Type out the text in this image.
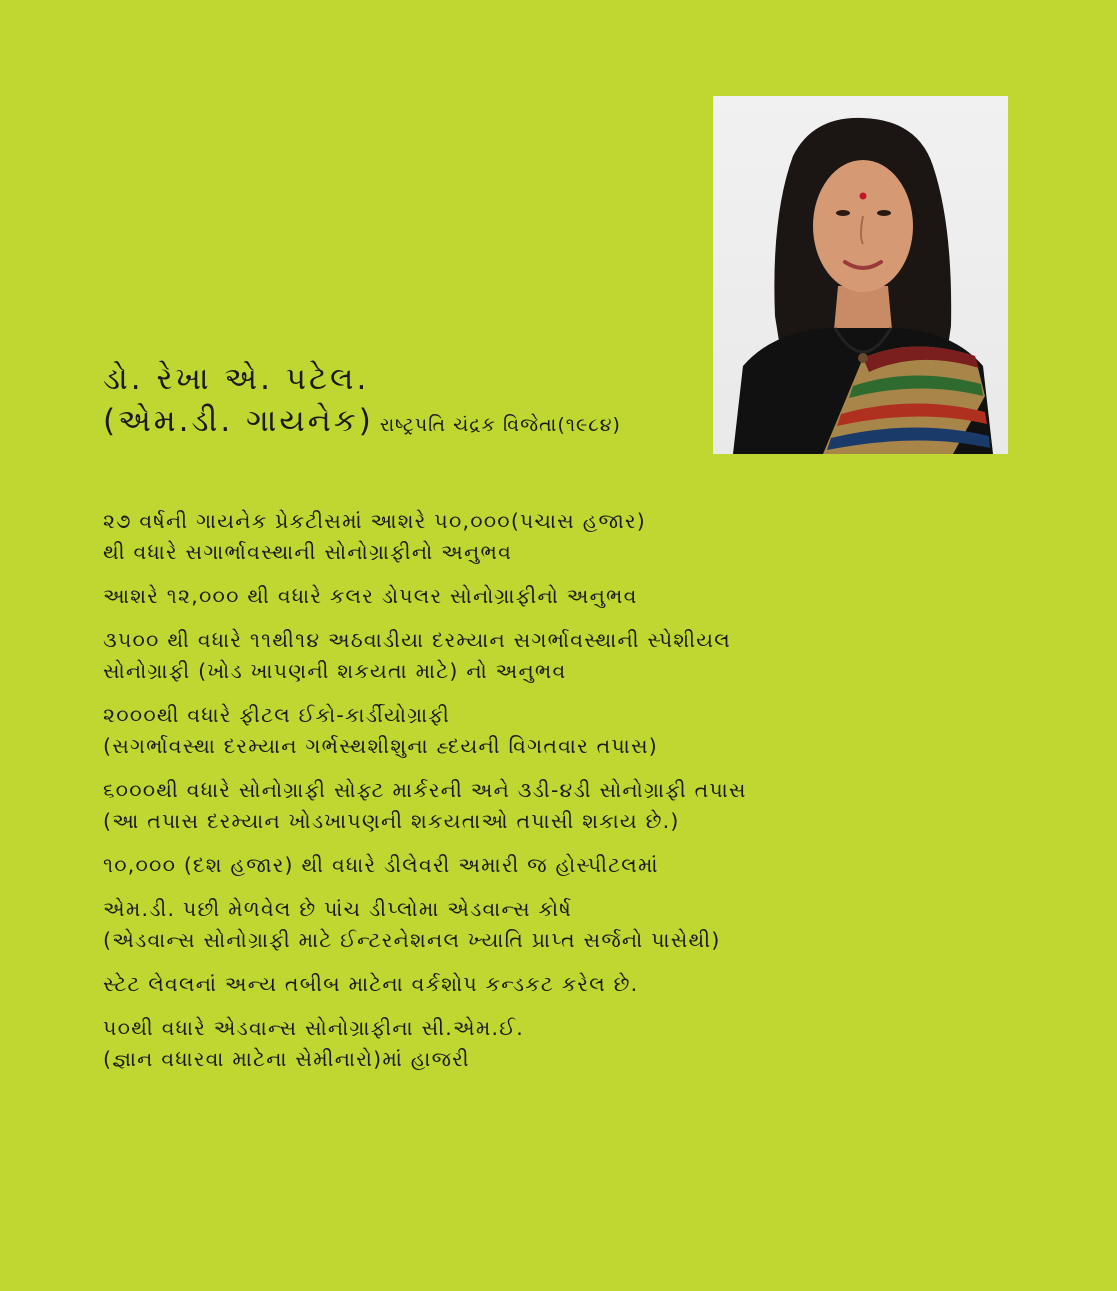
ડો. રેખા એ. પટેલ.
(એમ.ડી. ગાયનેક) રાષ્ટ્રપતિ ચંદ્રક વિજેતા(૧૯૮૪)
૨૭ વર્ષની ગાયનેક પ્રેકટીસમાં આશરે ૫૦,૦૦૦(પચાસ હજાર)
થી વધારે સગાર્ભાવસ્થાની સોનોગ્રાફીનો અનુભવ
આશરે ૧૨,૦૦૦ થી વધારે કલર ડોપલર સોનોગ્રાફીનો અનુભવ
૩૫૦૦ થી વધારે ૧૧થી૧૪ અઠવાડીયા દરમ્યાન સગર્ભાવસ્થાની સ્પેશીયલ
સોનોગ્રાફી (ખોડ ખાપણની શકયતા માટે) નો અનુભવ
૨૦૦૦થી વધારે ફીટલ ઈકો-કાર્ડીયોગ્રાફી
(સગર્ભાવસ્થા દરમ્યાન ગર્ભસ્થશીશુના હ્દયની વિગતવાર તપાસ)
૬૦૦૦થી વધારે સોનોગ્રાફી સોફ્ટ માર્કરની અને ૩ડી-૪ડી સોનોગ્રાફી તપાસ
(આ તપાસ દરમ્યાન ખોડખાપણની શકયતાઓ તપાસી શકાય છે.)
૧૦,૦૦૦ (દશ હજાર) થી વધારે ડીલેવરી અમારી જ હોસ્પીટલમાં
એમ.ડી. પછી મેળવેલ છે પાંચ ડીપ્લોમા એડવાન્સ કોર્ષ
(એડવાન્સ સોનોગ્રાફી માટે ઈન્ટરનેશનલ ખ્યાતિ પ્રાપ્ત સર્જનો પાસેથી)
સ્ટેટ લેવલનાં અન્ય તબીબ માટેના વર્કશોપ કન્ડકટ કરેલ છે.
૫૦થી વધારે એડવાન્સ સોનોગ્રાફીના સી.એમ.ઈ.
(જ્ઞાન વધારવા માટેના સેમીનારો)માં હાજરી
